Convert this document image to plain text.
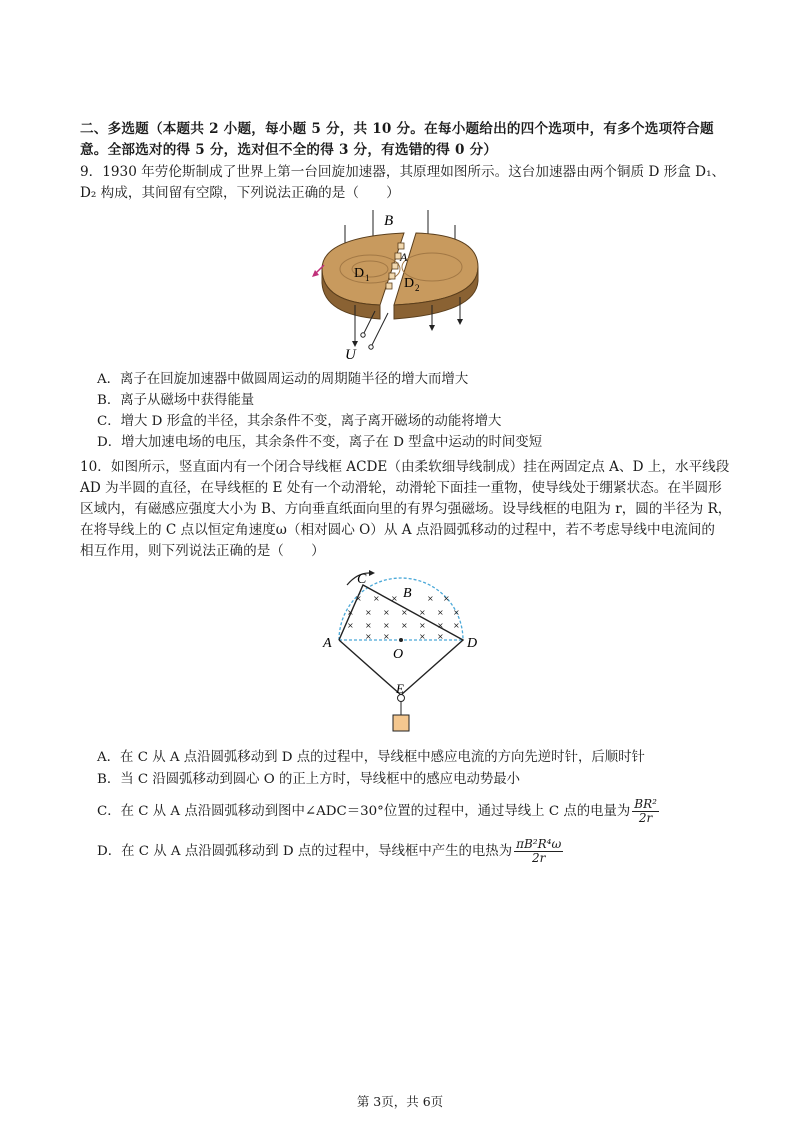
二、多选题（本题共 2 小题，每小题 5 分，共 10 分。在每小题给出的四个选项中，有多个选项符合题
意。全部选对的得 5 分，选对但不全的得 3 分，有选错的得 0 分）
9．1930 年劳伦斯制成了世界上第一台回旋加速器，其原理如图所示。这台加速器由两个铜质 D 形盒 D₁、
D₂ 构成，其间留有空隙，下列说法正确的是（　　）
B
A
D 1 D 2
U
A．离子在回旋加速器中做圆周运动的周期随半径的增大而增大
B．离子从磁场中获得能量
C．增大 D 形盒的半径，其余条件不变，离子离开磁场的动能将增大
D．增大加速电场的电压，其余条件不变，离子在 D 型盒中运动的时间变短
10．如图所示，竖直面内有一个闭合导线框 ACDE（由柔软细导线制成）挂在两固定点 A、D 上，水平线段
AD 为半圆的直径，在导线框的 E 处有一个动滑轮，动滑轮下面挂一重物，使导线处于绷紧状态。在半圆形
区域内，有磁感应强度大小为 B、方向垂直纸面向里的有界匀强磁场。设导线框的电阻为 r，圆的半径为 R，
在将导线上的 C 点以恒定角速度ω（相对圆心 O）从 A 点沿圆弧移动的过程中，若不考虑导线中电流间的
相互作用，则下列说法正确的是（　　）
× × ×	× ×
× × × × × × ×
× × × × × × ×
× ×	× ×
C
B
A	D
O
E
A．在 C 从 A 点沿圆弧移动到 D 点的过程中，导线框中感应电流的方向先逆时针，后顺时针
B．当 C 沿圆弧移动到圆心 O 的正上方时，导线框中的感应电动势最小
C．在 C 从 A 点沿圆弧移动到图中∠ADC＝30°位置的过程中，通过导线上 C 点的电量为 $\frac{\text{BR²}}{2r}$
D．在 C 从 A 点沿圆弧移动到 D 点的过程中，导线框中产生的电热为 $\frac{\text{πB²R⁴ω}}{2r}$
第 3页，共 6页
